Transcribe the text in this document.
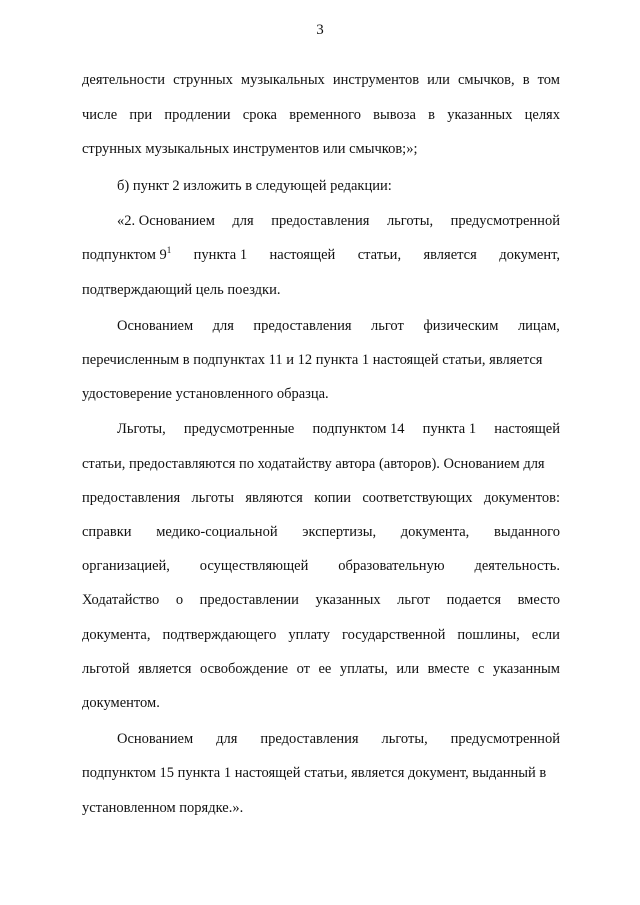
3
деятельности струнных музыкальных инструментов или смычков, в том
числе при продлении срока временного вывоза в указанных целях
струнных музыкальных инструментов или смычков;»;
б) пункт 2 изложить в следующей редакции:
«2. Основанием для предоставления льготы, предусмотренной
подпунктом $9^1$ пункта 1 настоящей статьи, является документ,
подтверждающий цель поездки.
Основанием для предоставления льгот физическим лицам,
перечисленным в подпунктах 11 и 12 пункта 1 настоящей статьи, является
удостоверение установленного образца.
Льготы, предусмотренные подпунктом 14 пункта 1 настоящей
статьи, предоставляются по ходатайству автора (авторов). Основанием для
предоставления льготы являются копии соответствующих документов:
справки медико-социальной экспертизы, документа, выданного
организацией, осуществляющей образовательную деятельность.
Ходатайство о предоставлении указанных льгот подается вместо
документа, подтверждающего уплату государственной пошлины, если
льготой является освобождение от ее уплаты, или вместе с указанным
документом.
Основанием для предоставления льготы, предусмотренной
подпунктом 15 пункта 1 настоящей статьи, является документ, выданный в
установленном порядке.».
